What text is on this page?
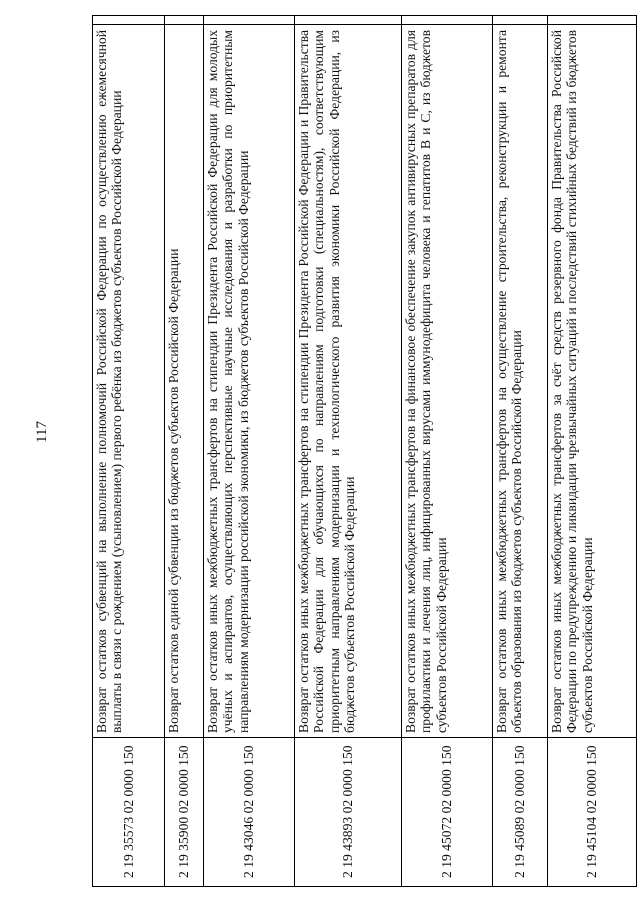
117
2 19 35573 02 0000 150	Возврат остатков субвенций на выполнение полномочий Российской Федерации по осуществлению ежемесячной выплаты в связи с рождением (усыновлением) первого ребёнка из бюджетов субъектов Российской Федерации	
2 19 35900 02 0000 150	Возврат остатков единой субвенции из бюджетов субъектов Российской Федерации	
2 19 43046 02 0000 150	Возврат остатков иных межбюджетных трансфертов на стипендии Президента Российской Федерации для молодых учёных и аспирантов, осуществляющих перспективные научные исследования и разработки по приоритетным направлениям модернизации российской экономики, из бюджетов субъектов Российской Федерации	
2 19 43893 02 0000 150	Возврат остатков иных межбюджетных трансфертов на стипендии Президента Российской Федерации и Правительства Российской Федерации для обучающихся по направлениям подготовки (специальностям), соответствующим приоритетным направлениям модернизации и технологического развития экономики Российской Федерации, из бюджетов субъектов Российской Федерации	
2 19 45072 02 0000 150	Возврат остатков иных межбюджетных трансфертов на финансовое обеспечение закупок антивирусных препаратов для профилактики и лечения лиц, инфицированных вирусами иммунодефицита человека и гепатитов B и C, из бюджетов субъектов Российской Федерации	
2 19 45089 02 0000 150	Возврат остатков иных межбюджетных трансфертов на осуществление строительства, реконструкции и ремонта объектов образования из бюджетов субъектов Российской Федерации	
2 19 45104 02 0000 150	Возврат остатков иных межбюджетных трансфертов за счёт средств резервного фонда Правительства Российской Федерации по предупреждению и ликвидации чрезвычайных ситуаций и последствий стихийных бедствий из бюджетов субъектов Российской Федерации	
